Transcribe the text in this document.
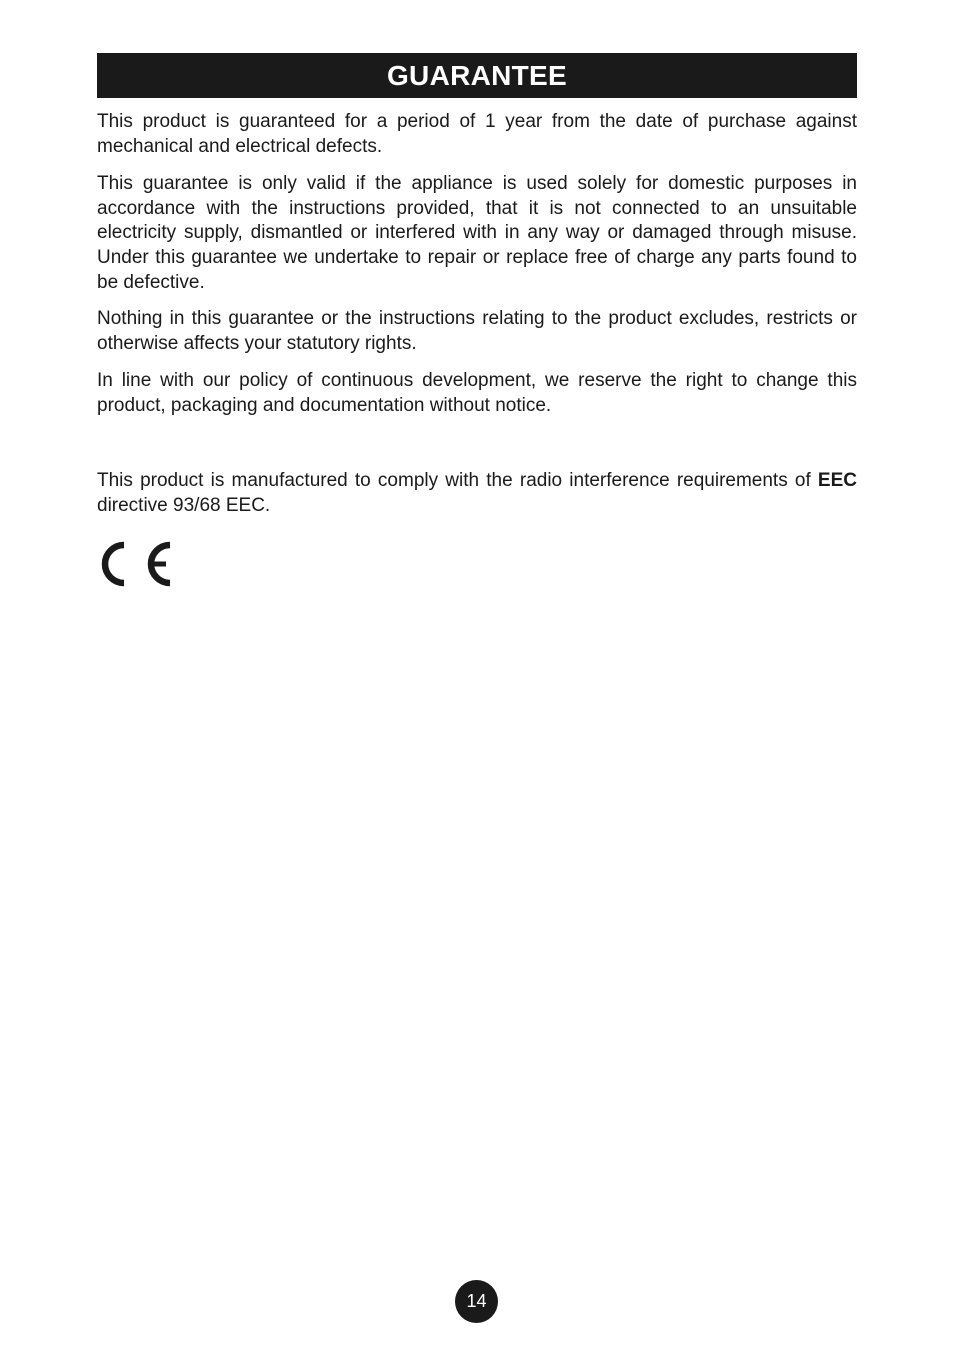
GUARANTEE

This product is guaranteed for a period of 1 year from the date of purchase against mechanical and electrical defects.

This guarantee is only valid if the appliance is used solely for domestic purposes in accordance with the instructions provided, that it is not connected to an unsuitable electricity supply, dismantled or interfered with in any way or damaged through misuse. Under this guarantee we undertake to repair or replace free of charge any parts found to be defective.

Nothing in this guarantee or the instructions relating to the product excludes, restricts or otherwise affects your statutory rights.

In line with our policy of continuous development, we reserve the right to change this product, packaging and documentation without notice.

This product is manufactured to comply with the radio interference requirements of EEC directive 93/68 EEC.

14
